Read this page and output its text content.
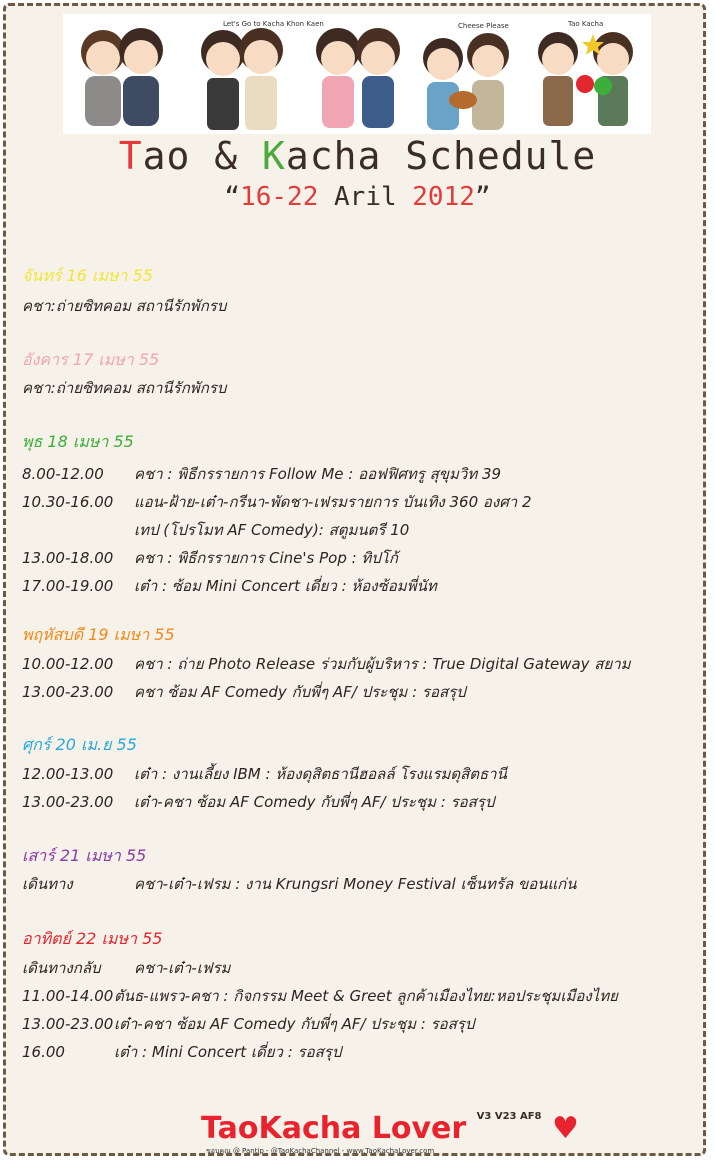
Let's Go to Kacha Khon Kaen	Cheese Please	Tao Kacha
Tao & Kacha Schedule
“16-22 Aril 2012”
จันทร์ 16 เมษา 55
คชา:ถ่ายซิทคอม สถานีรักพักรบ
อังคาร 17 เมษา 55
คชา:ถ่ายซิทคอม สถานีรักพักรบ
พุธ 18 เมษา 55
8.00-12.00 คชา : พิธีกรรายการ Follow Me : ออฟฟิศทรู สุขุมวิท 39
10.30-16.00 แอน-ฝ้าย-เต๋า-กรีนา-พัดชา-เฟรมรายการ บันเทิง 360 องศา 2
เทป (โปรโมท AF Comedy): สตูมนตรี 10
13.00-18.00 คชา : พิธีกรรายการ Cine's Pop : ทิปโก้
17.00-19.00 เต๋า : ซ้อม Mini Concert เดี่ยว : ห้องซ้อมพี่นัท
พฤหัสบดี 19 เมษา 55
10.00-12.00 คชา : ถ่าย Photo Release ร่วมกับผู้บริหาร : True Digital Gateway สยาม
13.00-23.00 คชา ซ้อม AF Comedy กับพี่ๆ AF/ ประชุม : รอสรุป
ศุกร์ 20 เม.ย 55
12.00-13.00 เต๋า : งานเลี้ยง IBM : ห้องดุสิตธานีฮอลล์ โรงแรมดุสิตธานี
13.00-23.00 เต๋า-คชา ซ้อม AF Comedy กับพี่ๆ AF/ ประชุม : รอสรุป
เสาร์ 21 เมษา 55
เดินทาง	คชา-เต๋า-เฟรม : งาน Krungsri Money Festival เซ็นทรัล ขอนแก่น
อาทิตย์ 22 เมษา 55
เดินทางกลับ คชา-เต๋า-เฟรม
11.00-14.00ตันธ-แพรว-คชา : กิจกรรม Meet & Greet ลูกค้าเมืองไทย:หอประชุมเมืองไทย
13.00-23.00เต๋า-คชา ซ้อม AF Comedy กับพี่ๆ AF/ ประชุม : รอสรุป
16.00	เต๋า : Mini Concert เดี่ยว : รอสรุป
TaoKacha Lover $^{V3 V23 AF8}$ ♥
ขอบคุณ @ Pantip - @TaoKachaChannel - www.TaoKachaLover.com
